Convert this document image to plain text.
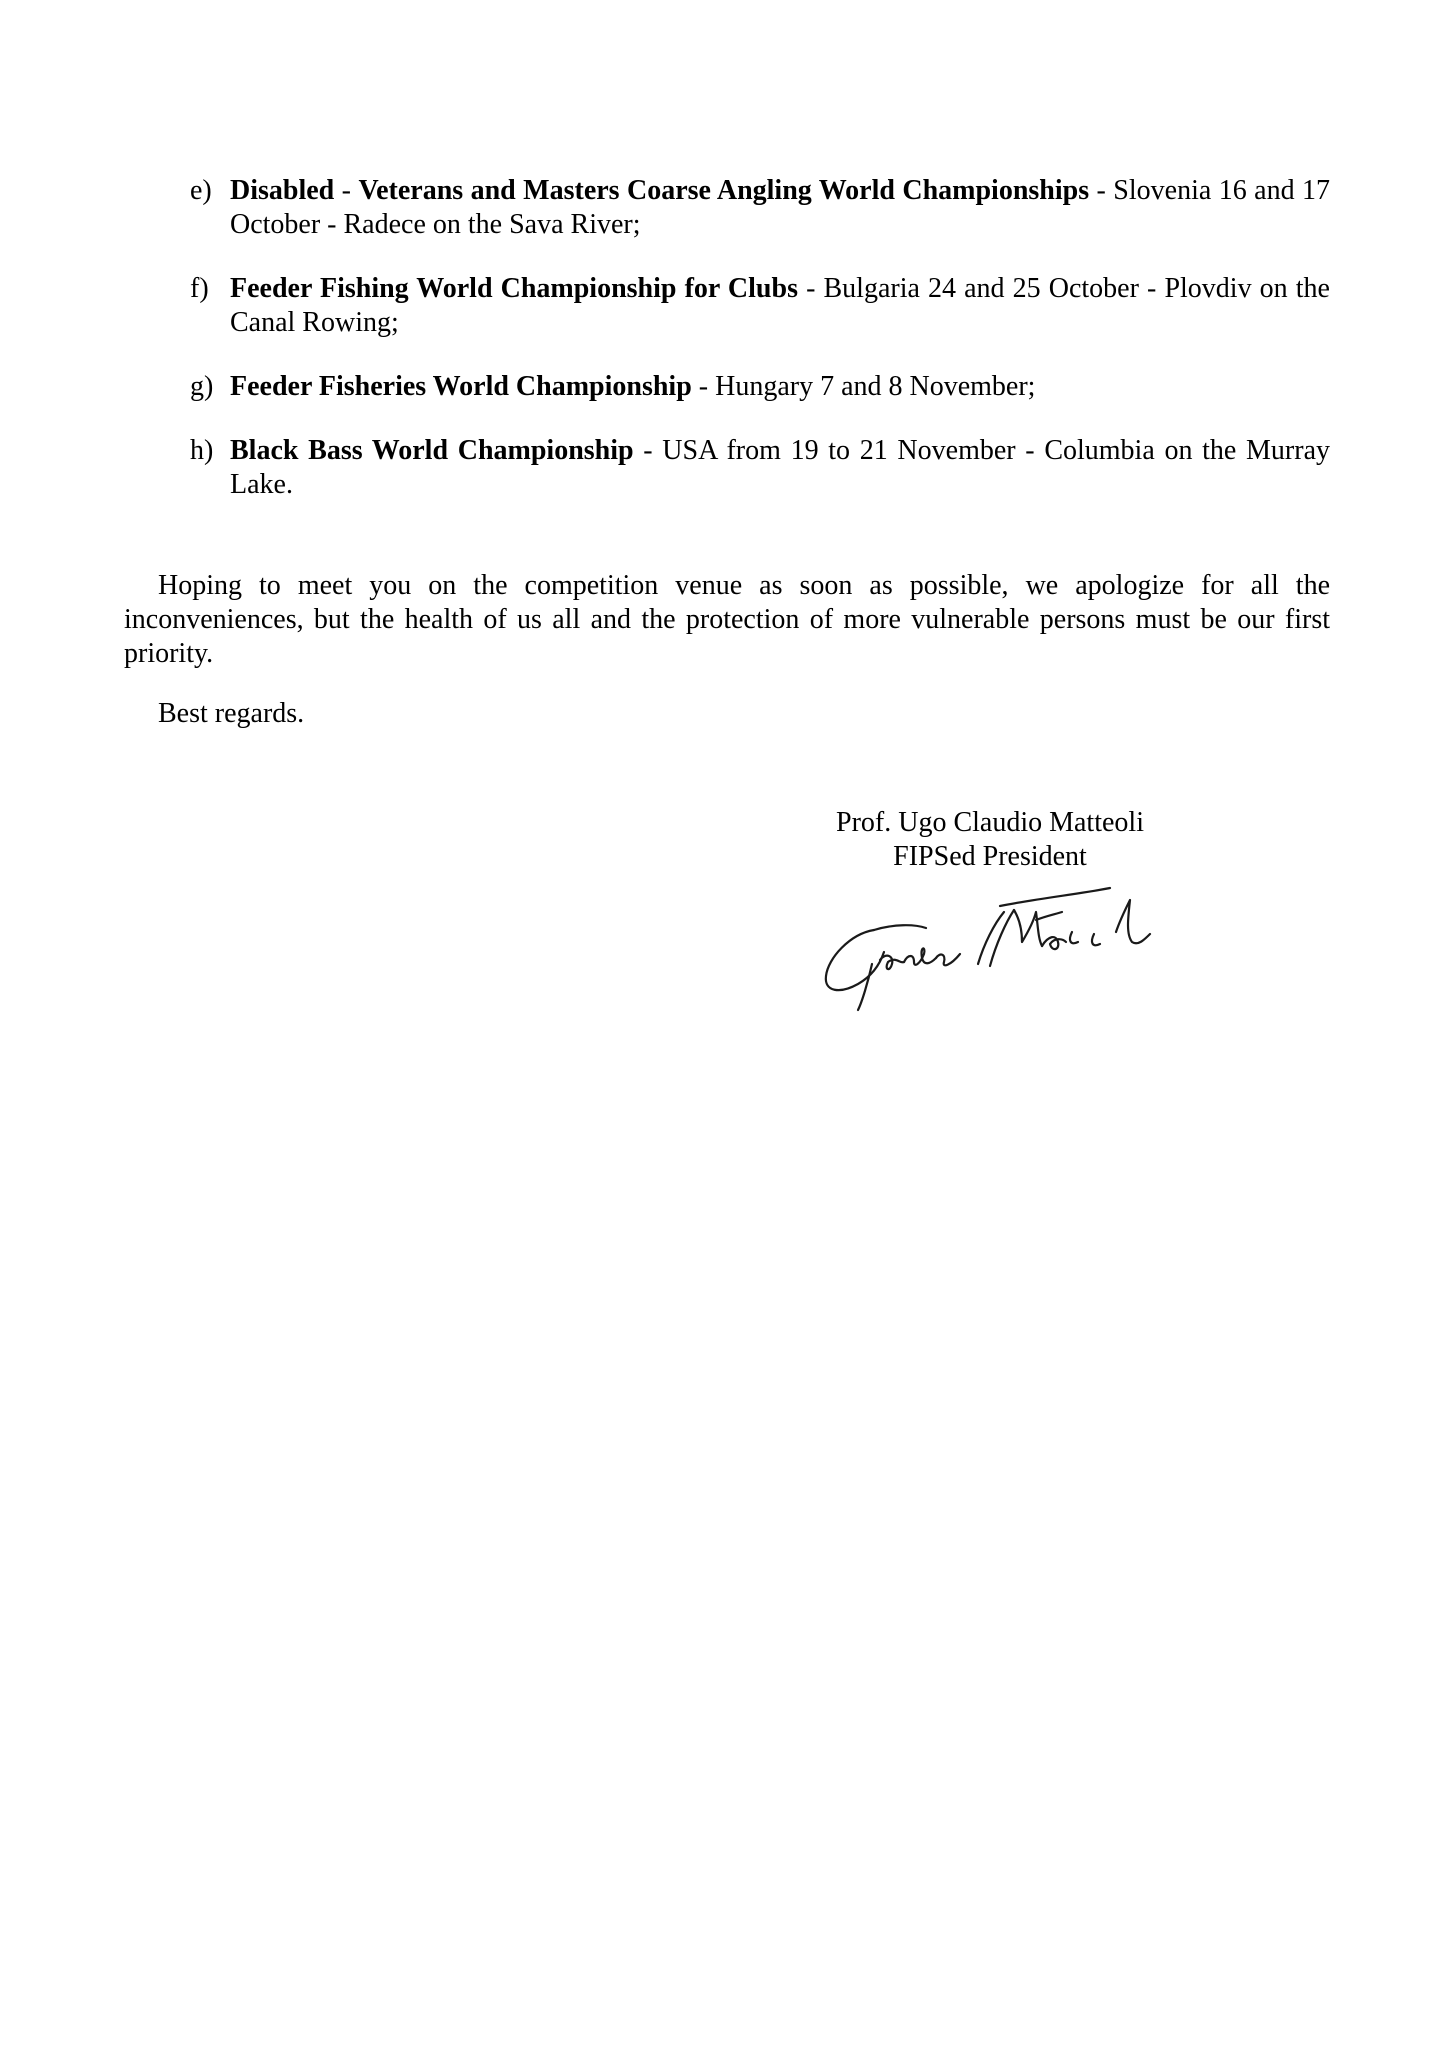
e) Disabled - Veterans and Masters Coarse Angling World Championships - Slovenia 16 and 17 October - Radece on the Sava River;
f) Feeder Fishing World Championship for Clubs - Bulgaria 24 and 25 October - Plovdiv on the Canal Rowing;
g) Feeder Fisheries World Championship - Hungary 7 and 8 November;
h) Black Bass World Championship - USA from 19 to 21 November - Columbia on the Murray Lake.

Hoping to meet you on the competition venue as soon as possible, we apologize for all the inconveniences, but the health of us all and the protection of more vulnerable persons must be our first priority.

Best regards.

Prof. Ugo Claudio Matteoli
FIPSed President
